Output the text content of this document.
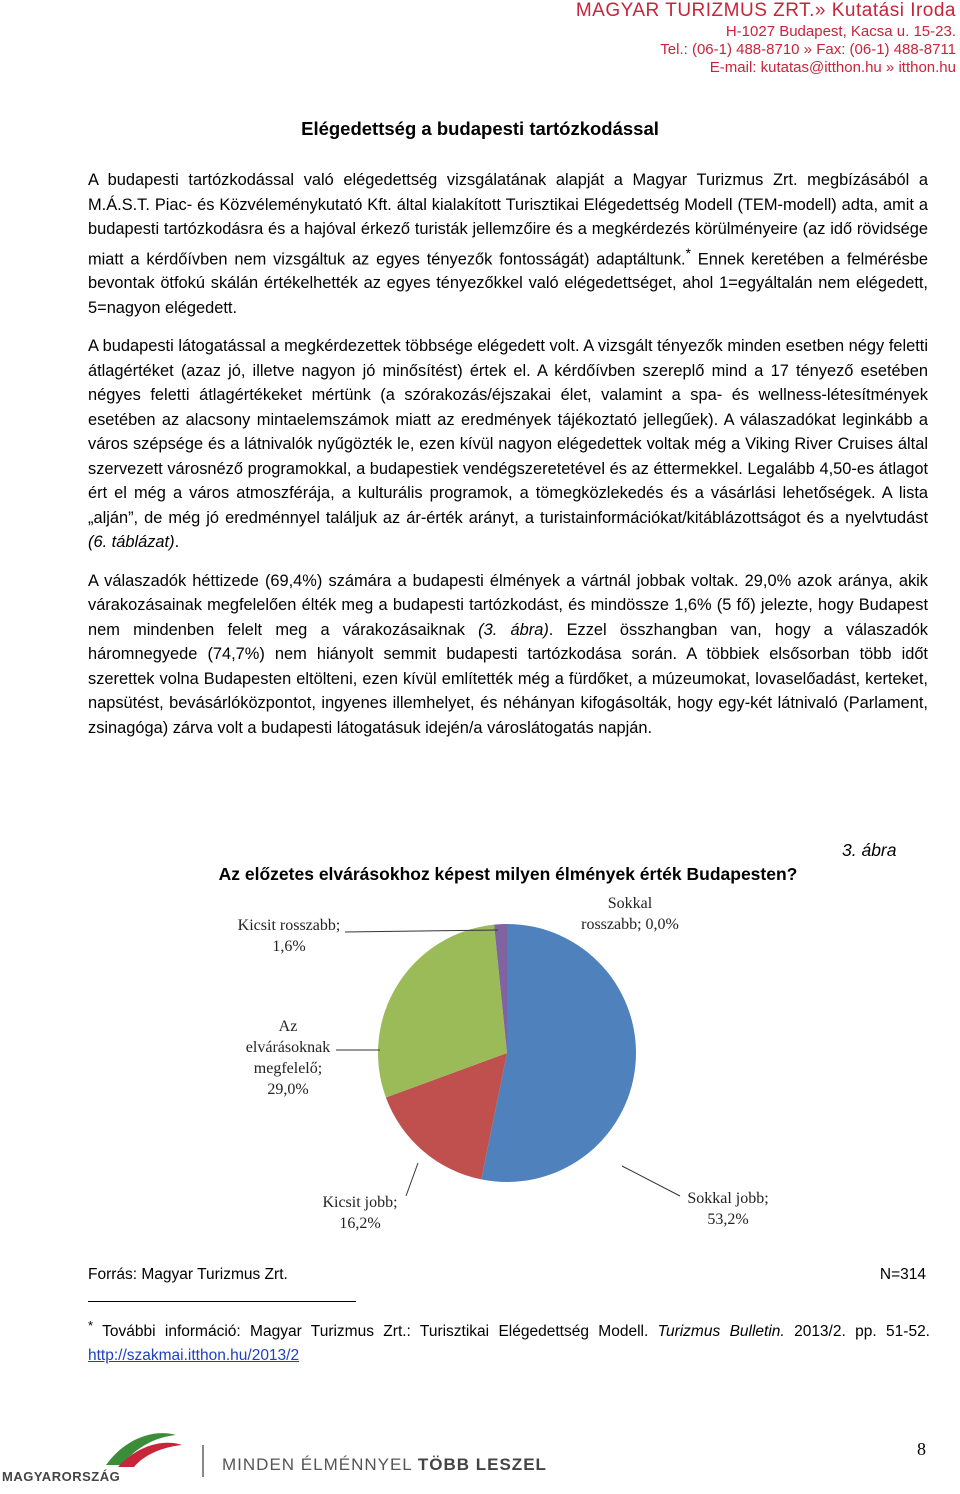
MAGYAR TURIZMUS ZRT.» Kutatási Iroda
H-1027 Budapest, Kacsa u. 15-23.
Tel.: (06-1) 488-8710 » Fax: (06-1) 488-8711
E-mail: kutatas@itthon.hu » itthon.hu
Elégedettség a budapesti tartózkodással

A budapesti tartózkodással való elégedettség vizsgálatának alapját a Magyar Turizmus Zrt. megbízásából a M.Á.S.T. Piac- és Közvéleménykutató Kft. által kialakított Turisztikai Elégedettség Modell (TEM-modell) adta, amit a budapesti tartózkodásra és a hajóval érkező turisták jellemzőire és a megkérdezés körülményeire (az idő rövidsége miatt a kérdőívben nem vizsgáltuk az egyes tényezők fontosságát) adaptáltunk.* Ennek keretében a felmérésbe bevontak ötfokú skálán értékelhették az egyes tényezőkkel való elégedettséget, ahol 1=egyáltalán nem elégedett, 5=nagyon elégedett.

A budapesti látogatással a megkérdezettek többsége elégedett volt. A vizsgált tényezők minden esetben négy feletti átlagértéket (azaz jó, illetve nagyon jó minősítést) értek el. A kérdőívben szereplő mind a 17 tényező esetében négyes feletti átlagértékeket mértünk (a szórakozás/éjszakai élet, valamint a spa- és wellness-létesítmények esetében az alacsony mintaelemszámok miatt az eredmények tájékoztató jellegűek). A válaszadókat leginkább a város szépsége és a látnivalók nyűgözték le, ezen kívül nagyon elégedettek voltak még a Viking River Cruises által szervezett városnéző programokkal, a budapestiek vendégszeretetével és az éttermekkel. Legalább 4,50-es átlagot ért el még a város atmoszférája, a kulturális programok, a tömegközlekedés és a vásárlási lehetőségek. A lista „alján”, de még jó eredménnyel találjuk az ár-érték arányt, a turistainformációkat/kitáblázottságot és a nyelvtudást (6. táblázat).

A válaszadók héttizede (69,4%) számára a budapesti élmények a vártnál jobbak voltak. 29,0% azok aránya, akik várakozásainak megfelelően élték meg a budapesti tartózkodást, és mindössze 1,6% (5 fő) jelezte, hogy Budapest nem mindenben felelt meg a várakozásaiknak (3. ábra). Ezzel összhangban van, hogy a válaszadók háromnegyede (74,7%) nem hiányolt semmit budapesti tartózkodása során. A többiek elsősorban több időt szerettek volna Budapesten eltölteni, ezen kívül említették még a fürdőket, a múzeumokat, lovaselőadást, kerteket, napsütést, bevásárlóközpontot, ingyenes illemhelyet, és néhányan kifogásolták, hogy egy-két látnivaló (Parlament, zsinagóga) zárva volt a budapesti látogatásuk idején/a városlátogatás napján.

3. ábra
Az előzetes elvárásokhoz képest milyen élmények érték Budapesten?
Sokkal jobb; 53,2%
Kicsit jobb; 16,2%
Az elvárásoknak megfelelő; 29,0%
Kicsit rosszabb; 1,6%
Sokkal rosszabb; 0,0%
Forrás: Magyar Turizmus Zrt.	N=314
* További információ: Magyar Turizmus Zrt.: Turisztikai Elégedettség Modell. Turizmus Bulletin. 2013/2. pp. 51-52. http://szakmai.itthon.hu/2013/2
MAGYARORSZÁG
MINDEN ÉLMÉNNYEL TÖBB LESZEL
8
